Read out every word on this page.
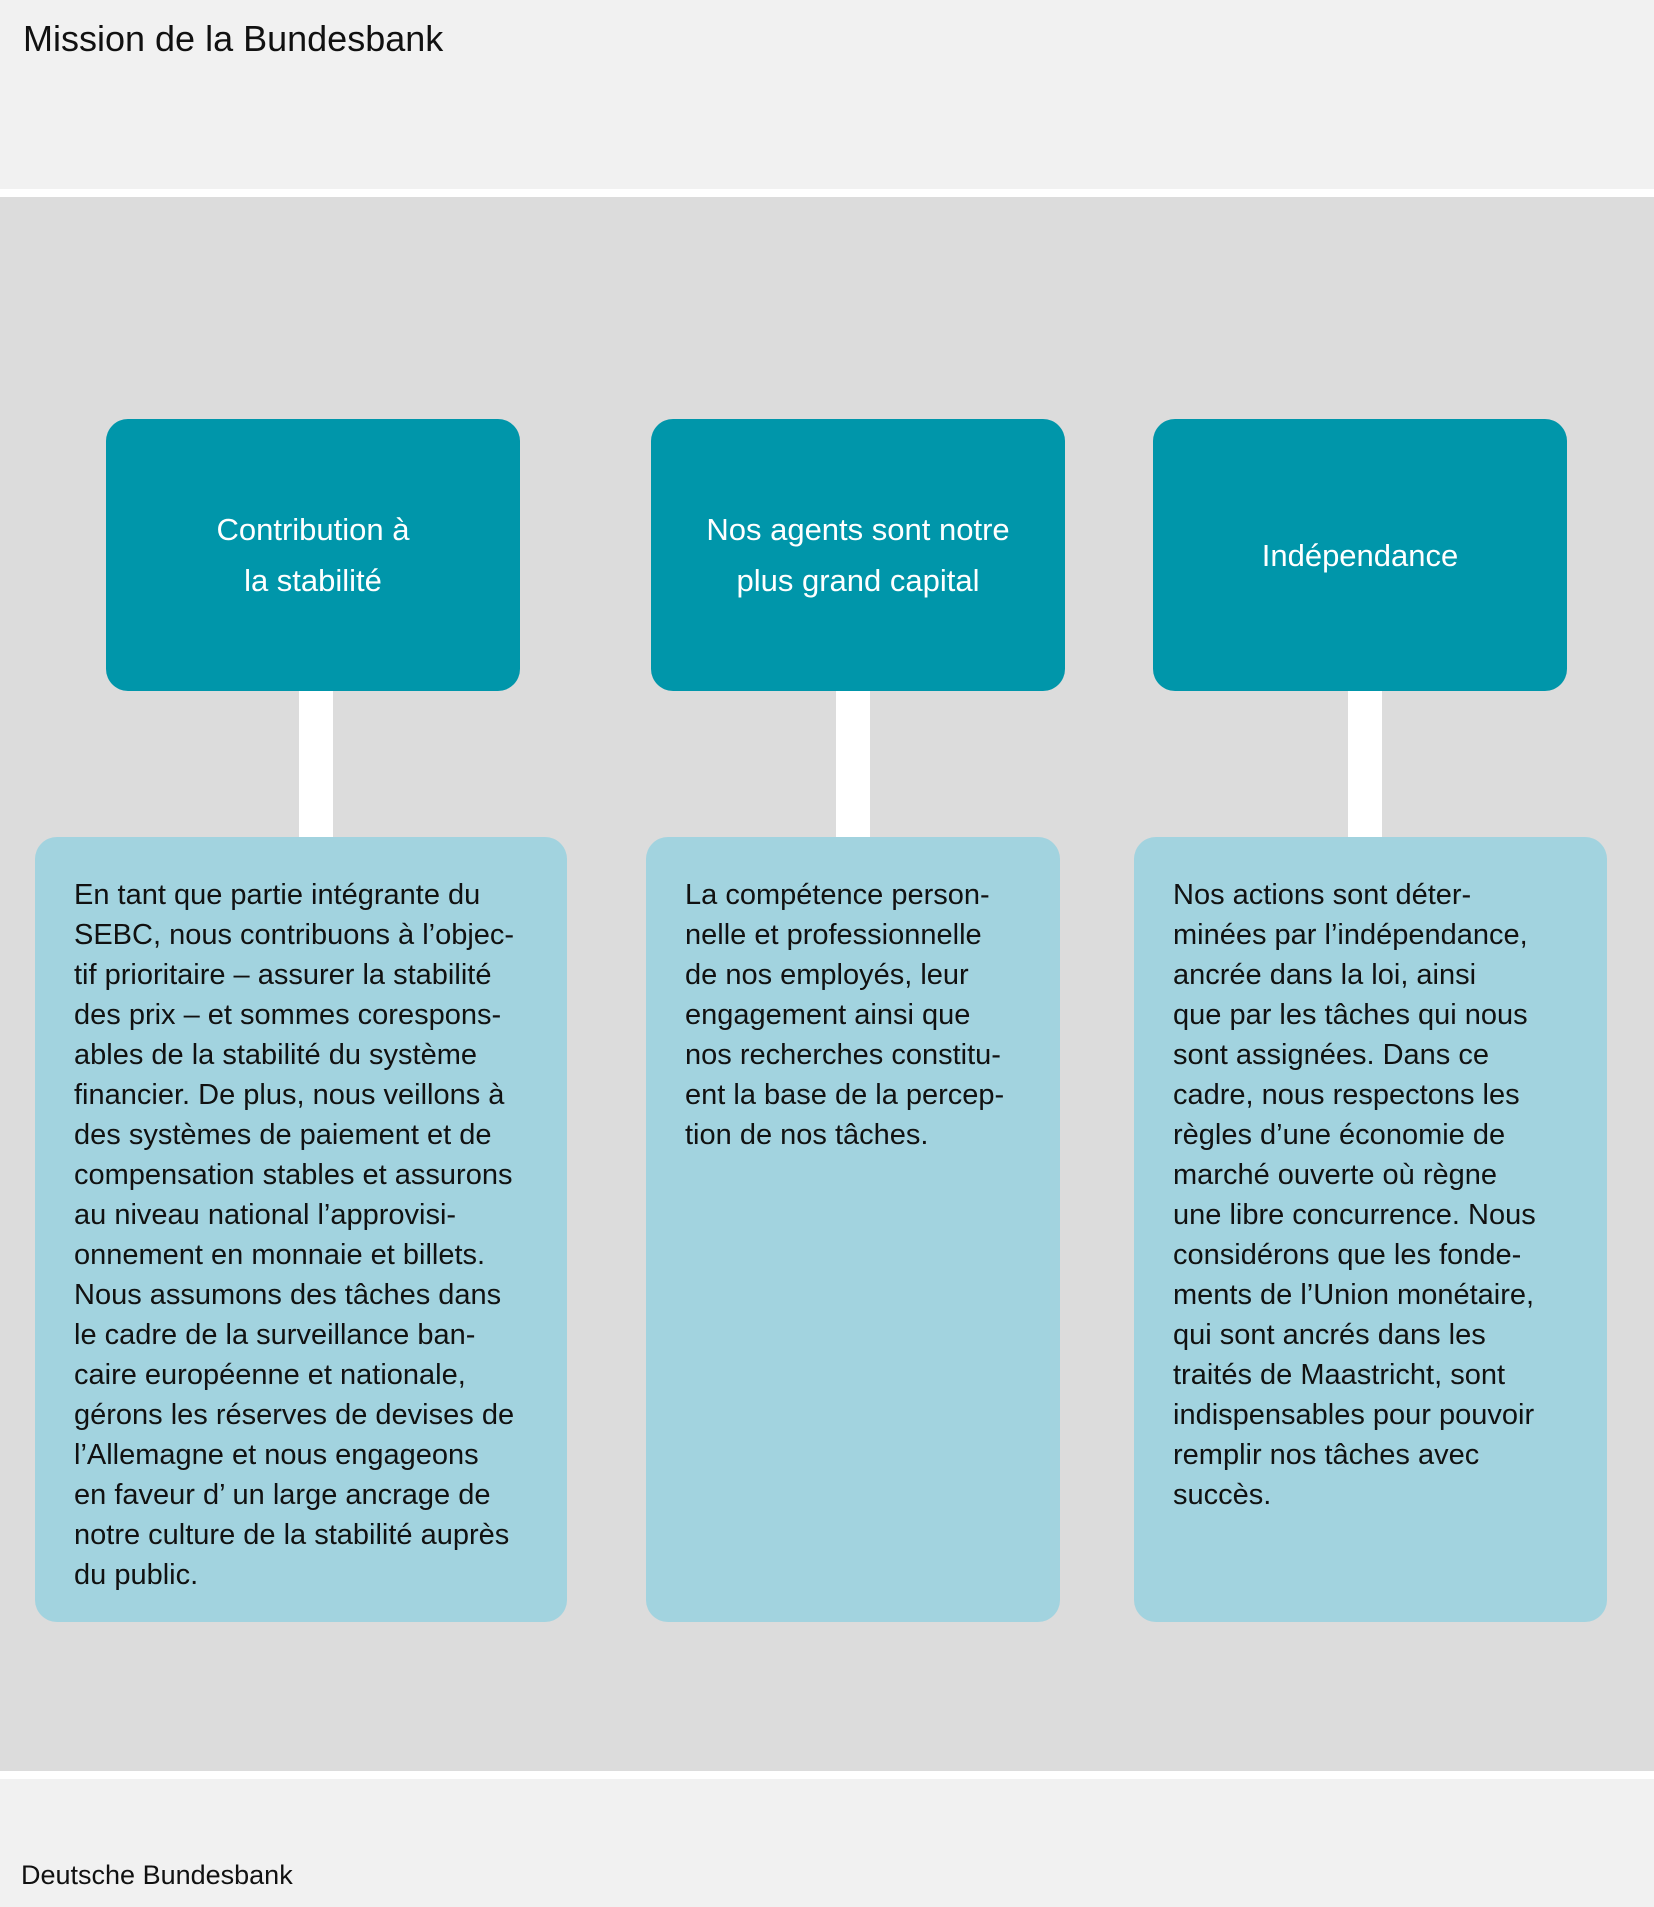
Mission de la Bundesbank
Contribution à
la stabilité

En tant que partie intégrante du
SEBC, nous contribuons à l’objec-
tif prioritaire – assurer la stabilité
des prix – et sommes corespons-
ables de la stabilité du système
financier. De plus, nous veillons à
des systèmes de paiement et de
compensation stables et assurons
au niveau national l’approvisi-
onnement en monnaie et billets.
Nous assumons des tâches dans
le cadre de la surveillance ban-
caire européenne et nationale,
gérons les réserves de devises de
l’Allemagne et nous engageons
en faveur d’ un large ancrage de
notre culture de la stabilité auprès
du public.

Nos agents sont notre
plus grand capital

La compétence person-
nelle et professionnelle
de nos employés, leur
engagement ainsi que
nos recherches constitu-
ent la base de la percep-
tion de nos tâches.

Indépendance

Nos actions sont déter-
minées par l’indépendance,
ancrée dans la loi, ainsi
que par les tâches qui nous
sont assignées. Dans ce
cadre, nous respectons les
règles d’une économie de
marché ouverte où règne
une libre concurrence. Nous
considérons que les fonde-
ments de l’Union monétaire,
qui sont ancrés dans les
traités de Maastricht, sont
indispensables pour pouvoir
remplir nos tâches avec
succès.

Deutsche Bundesbank
